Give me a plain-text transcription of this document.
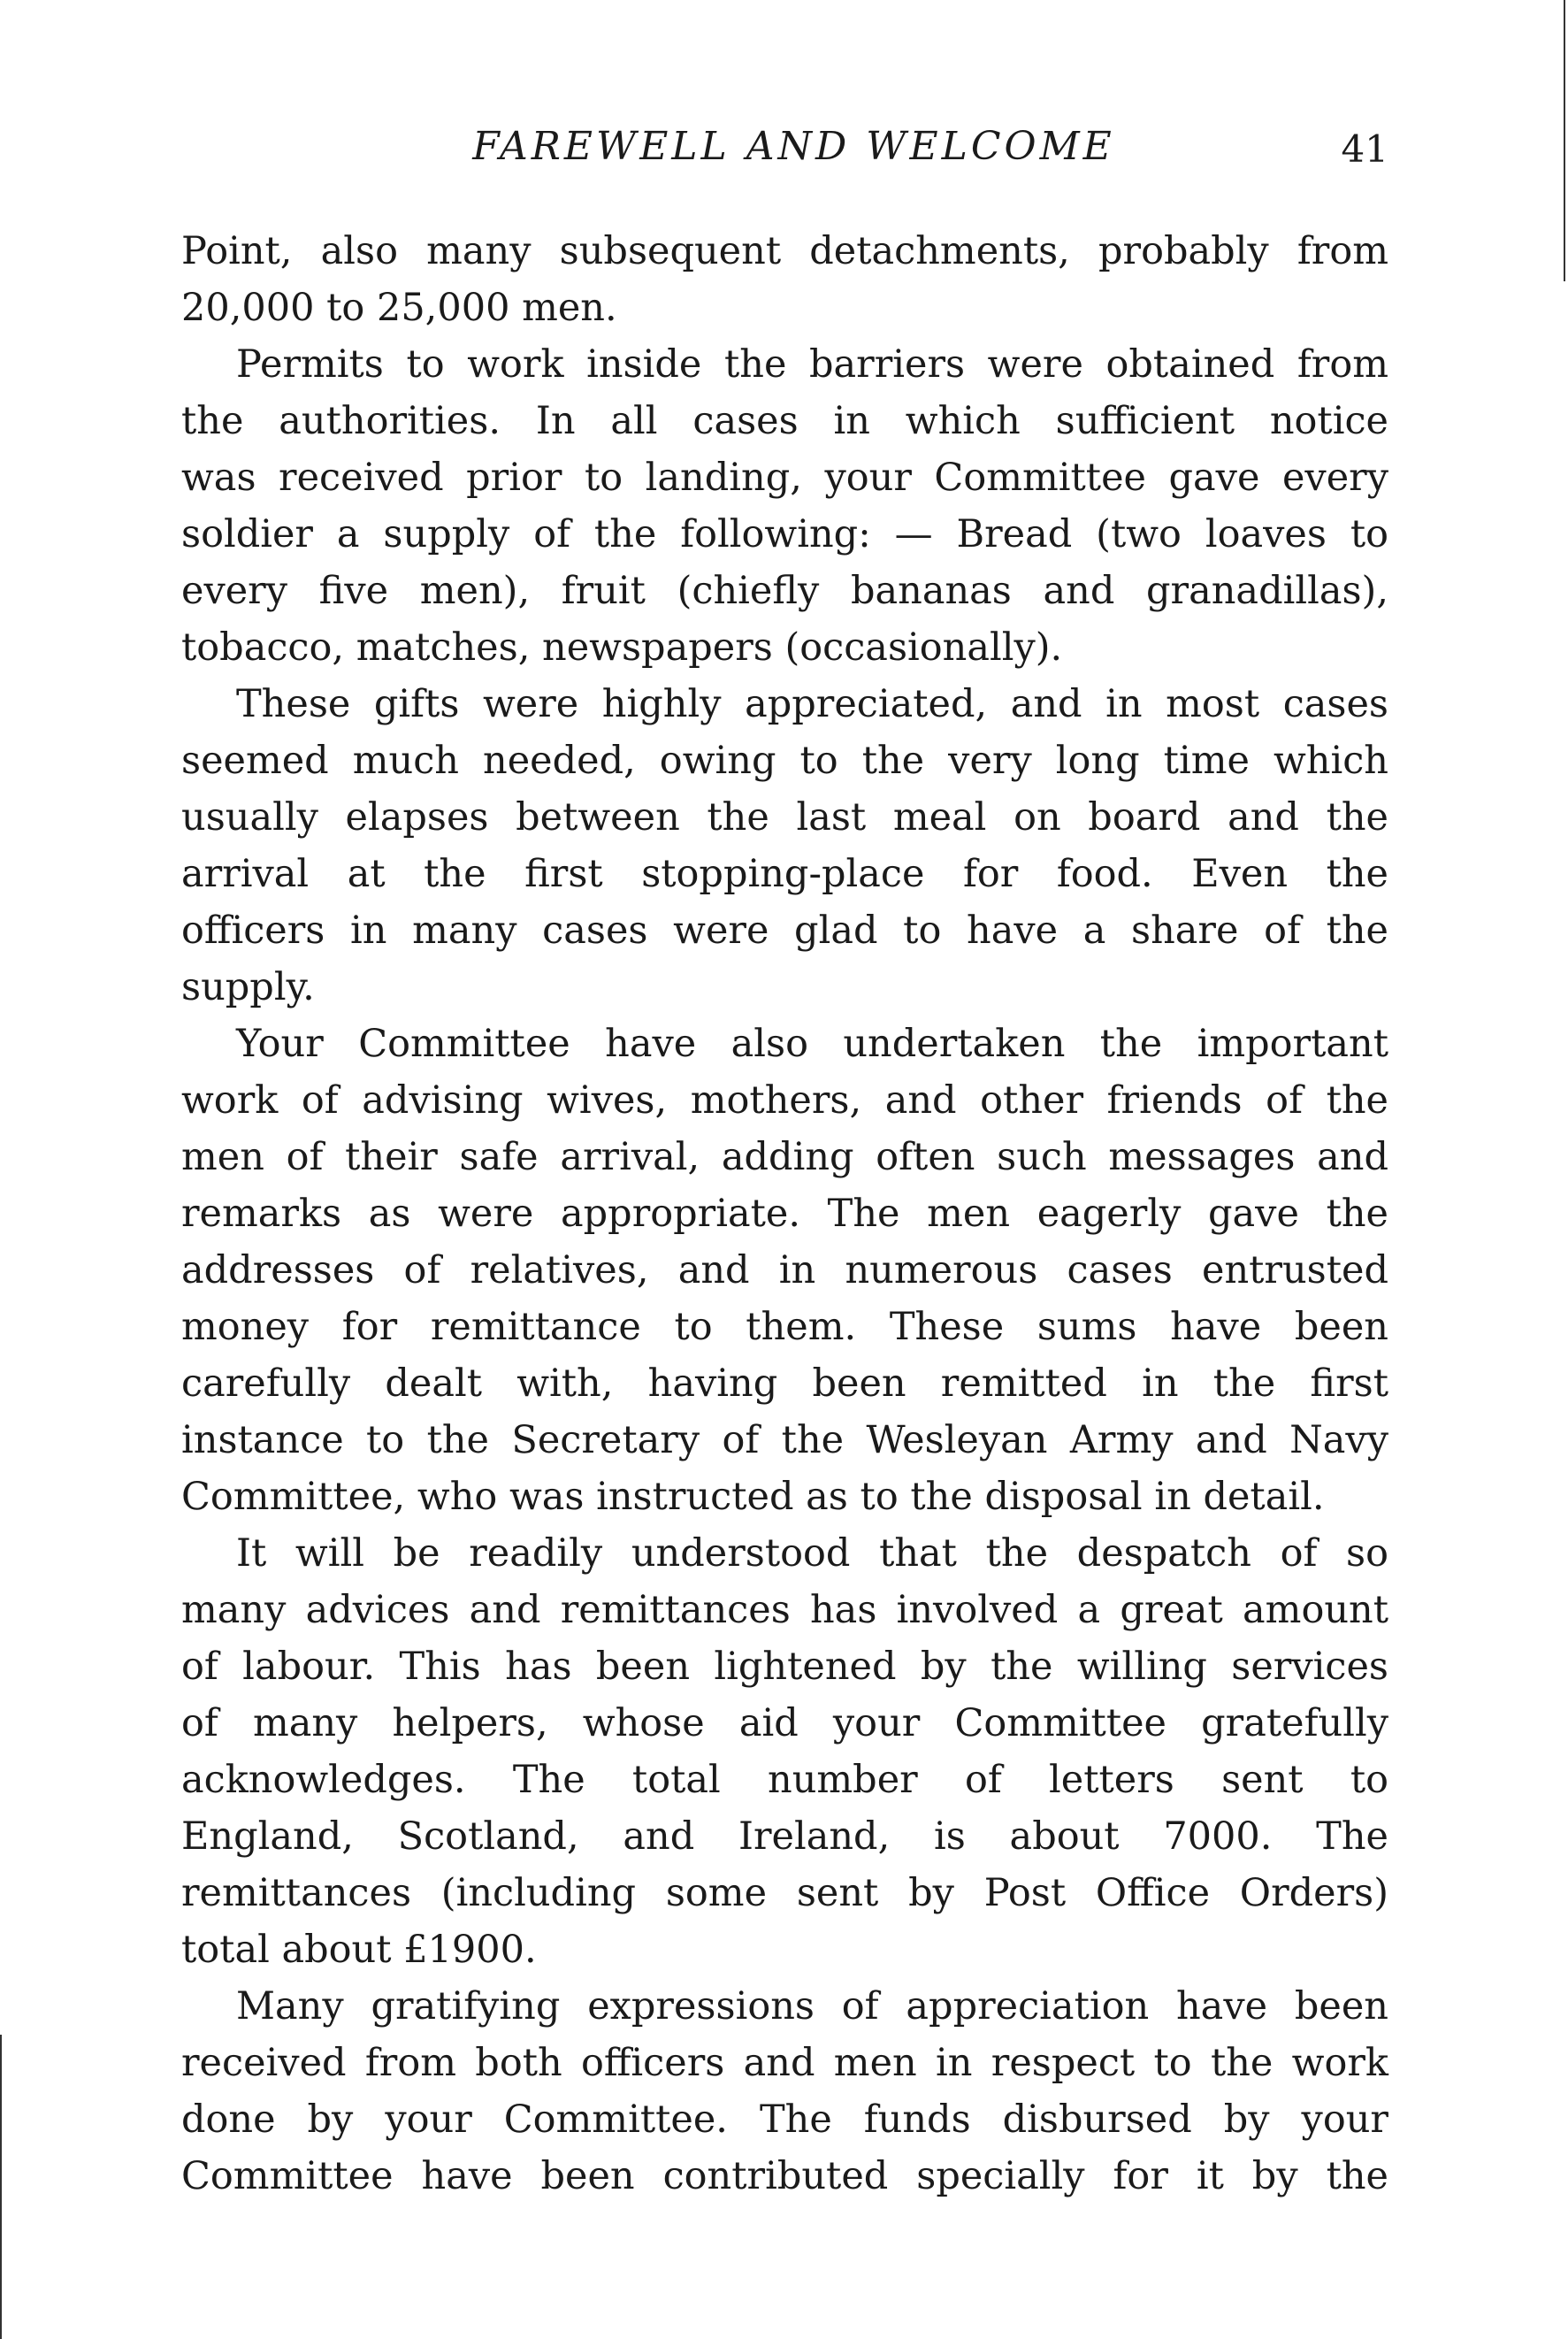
FAREWELL AND WELCOME	41
Point, also many subsequent detachments, probably from
20,000 to 25,000 men.
Permits to work inside the barriers were obtained from
the authorities. In all cases in which sufficient notice
was received prior to landing, your Committee gave every
soldier a supply of the following: — Bread (two loaves to
every five men), fruit (chiefly bananas and granadillas),
tobacco, matches, newspapers (occasionally).
These gifts were highly appreciated, and in most cases
seemed much needed, owing to the very long time which
usually elapses between the last meal on board and the
arrival at the first stopping-place for food. Even the
officers in many cases were glad to have a share of the
supply.
Your Committee have also undertaken the important
work of advising wives, mothers, and other friends of the
men of their safe arrival, adding often such messages and
remarks as were appropriate. The men eagerly gave the
addresses of relatives, and in numerous cases entrusted
money for remittance to them. These sums have been
carefully dealt with, having been remitted in the first
instance to the Secretary of the Wesleyan Army and Navy
Committee, who was instructed as to the disposal in detail.
It will be readily understood that the despatch of so
many advices and remittances has involved a great amount
of labour. This has been lightened by the willing services
of many helpers, whose aid your Committee gratefully
acknowledges. The total number of letters sent to
England, Scotland, and Ireland, is about 7000. The
remittances (including some sent by Post Office Orders)
total about £1900.
Many gratifying expressions of appreciation have been
received from both officers and men in respect to the work
done by your Committee. The funds disbursed by your
Committee have been contributed specially for it by the
